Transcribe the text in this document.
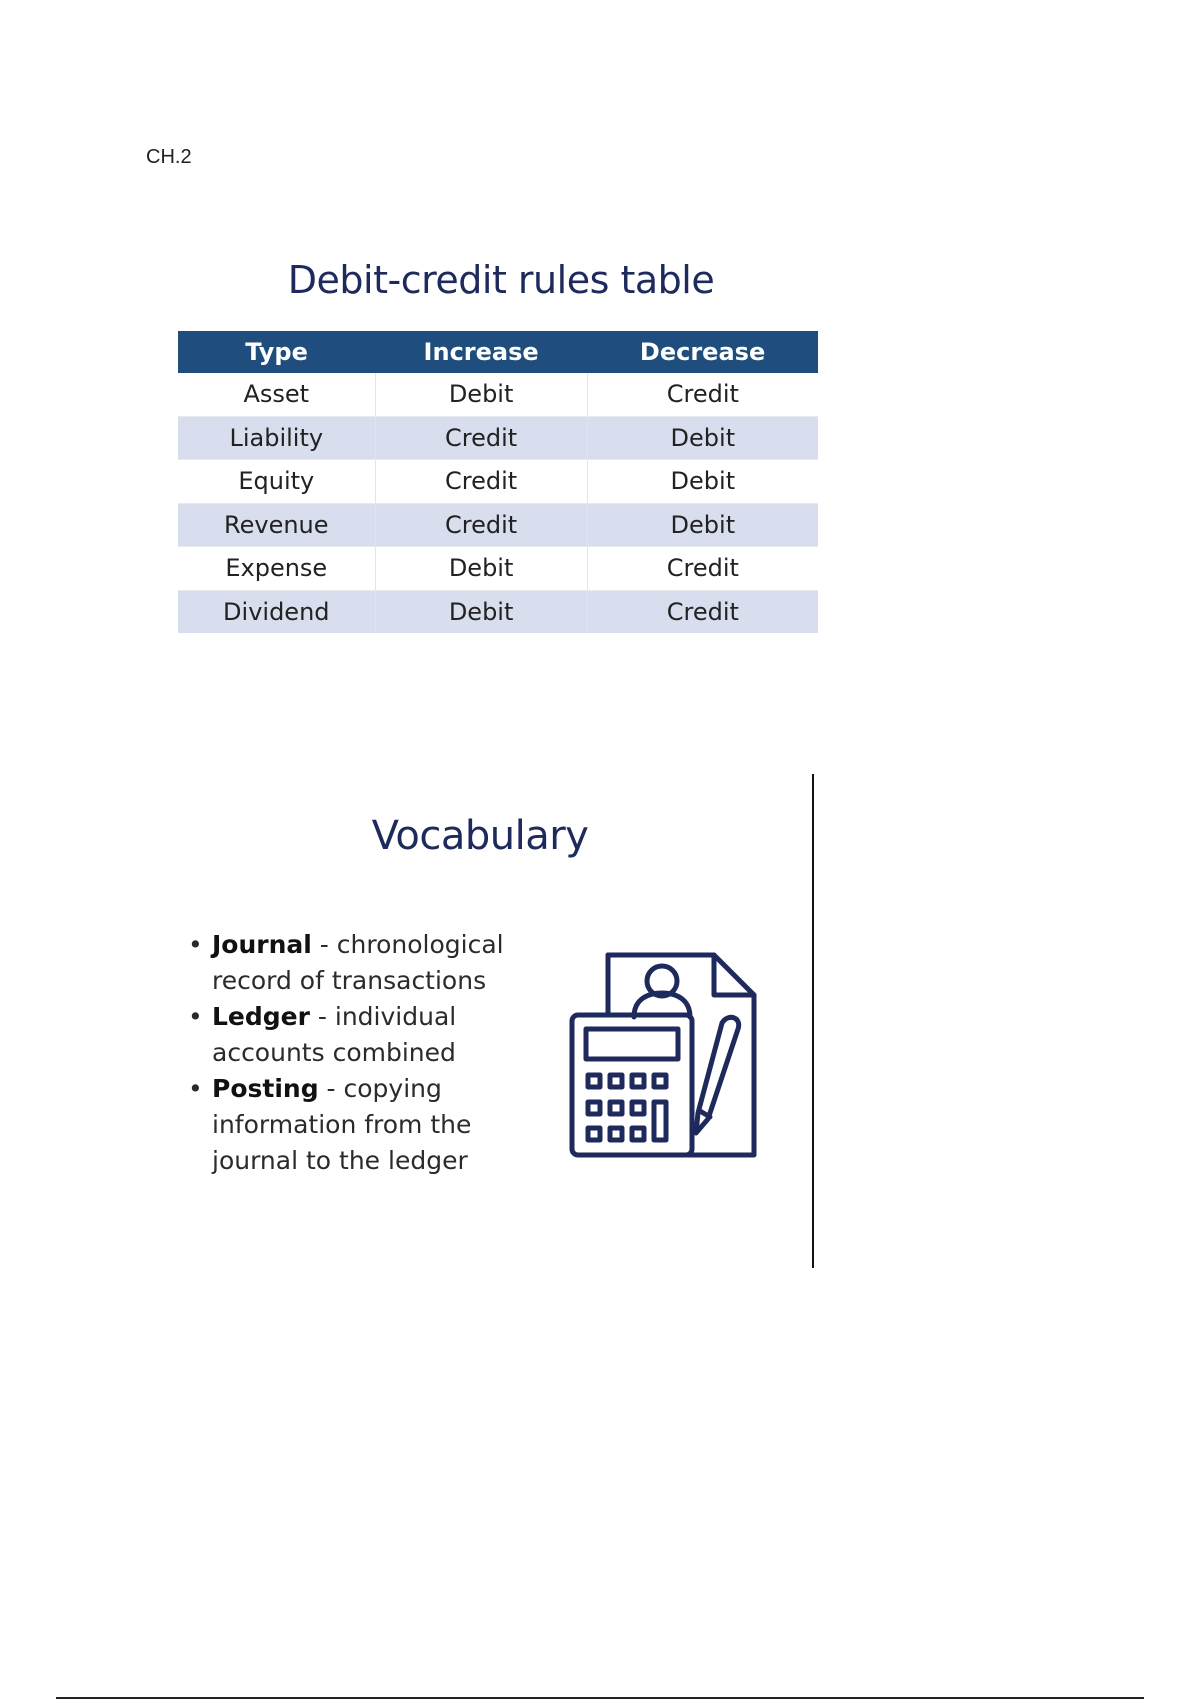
CH.2
Debit-credit rules table
Type	Increase	Decrease
Asset	Debit	Credit
Liability	Credit	Debit
Equity	Credit	Debit
Revenue	Credit	Debit
Expense	Debit	Credit
Dividend	Debit	Credit
Vocabulary
• Journal - chronological record of transactions
• Ledger - individual accounts combined
• Posting - copying information from the journal to the ledger
